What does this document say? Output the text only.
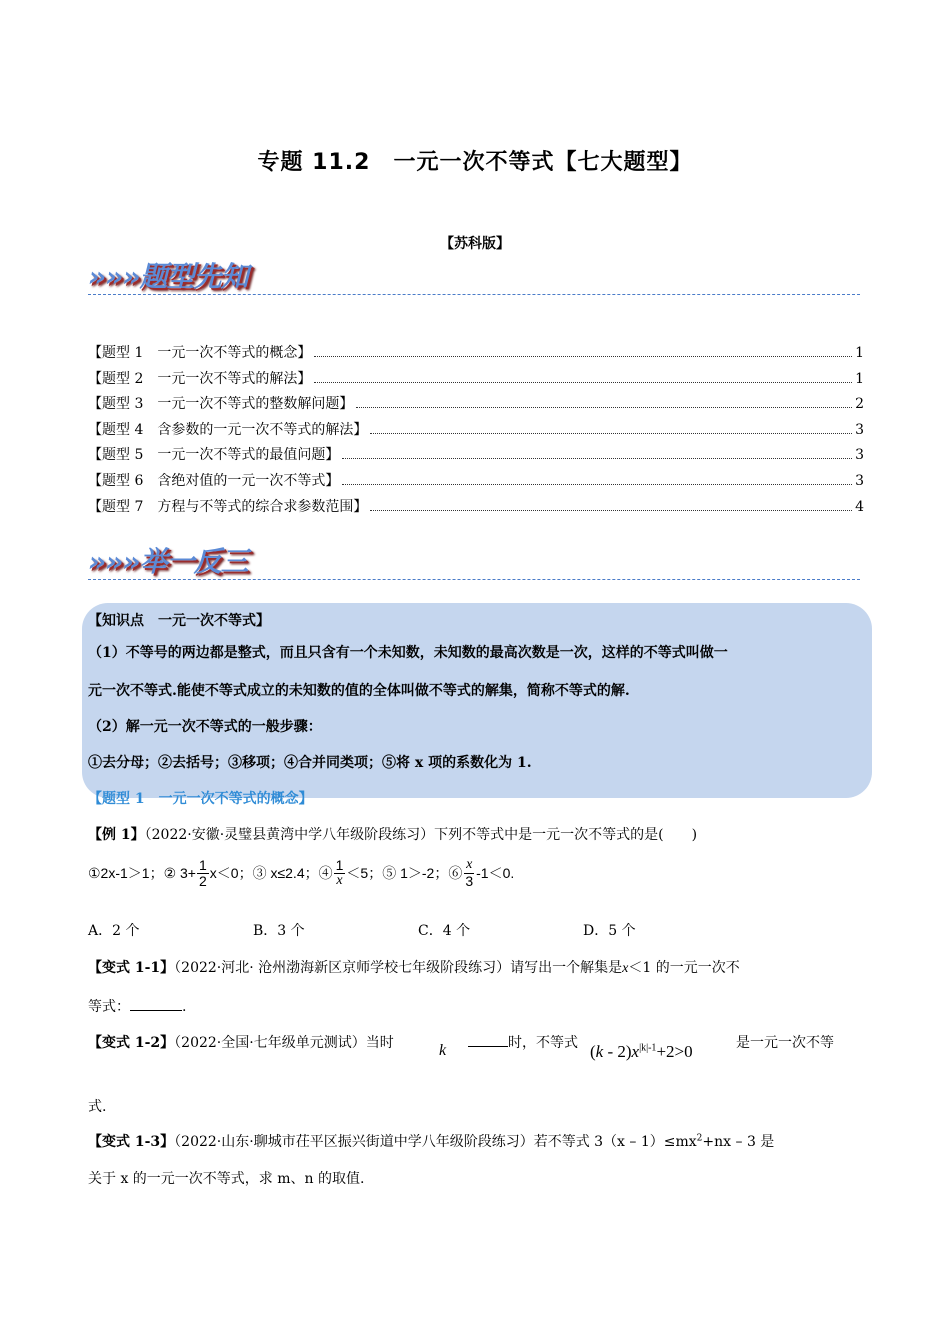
专题 11.2　一元一次不等式【七大题型】
【苏科版】
»»»题型先知
【题型 1　一元一次不等式的概念】	1
【题型 2　一元一次不等式的解法】	1
【题型 3　一元一次不等式的整数解问题】	2
【题型 4　含参数的一元一次不等式的解法】	3
【题型 5　一元一次不等式的最值问题】	3
【题型 6　含绝对值的一元一次不等式】	3
【题型 7　方程与不等式的综合求参数范围】	4
»»»举一反三
【知识点　一元一次不等式】
（1）不等号的两边都是整式，而且只含有一个未知数，未知数的最高次数是一次，这样的不等式叫做一
元一次不等式.能使不等式成立的未知数的值的全体叫做不等式的解集，简称不等式的解.
（2）解一元一次不等式的一般步骤：
①去分母；②去括号；③移项；④合并同类项；⑤将 x 项的系数化为 1.
【题型 1　一元一次不等式的概念】
【例 1】（2022·安徽·灵璧县黄湾中学八年级阶段练习）下列不等式中是一元一次不等式的是(　　)
①2x-1＞1；② $3+ \frac{1}{2} x<0$；③ x≤2.4；④ $\frac{1}{x} <5$；⑤ 1＞-2；⑥ $\frac{x}{3} -1<0$.
A．2 个	B．3 个	C．4 个	D．5 个
【变式 1-1】（2022·河北· 沧州渤海新区京师学校七年级阶段练习）请写出一个解集是x＜1 的一元一次不
等式：	.
【变式 1-2】（2022·全国·七年级单元测试）当时	k	时，不等式 $(k - 2)x^{|k|-1}+2>0$	是一元一次不等
式.
【变式 1-3】（2022·山东·聊城市茌平区振兴街道中学八年级阶段练习）若不等式 $3(x - 1)\le mx^2+nx - 3$ 是
关于 x 的一元一次不等式，求 m、n 的取值.
